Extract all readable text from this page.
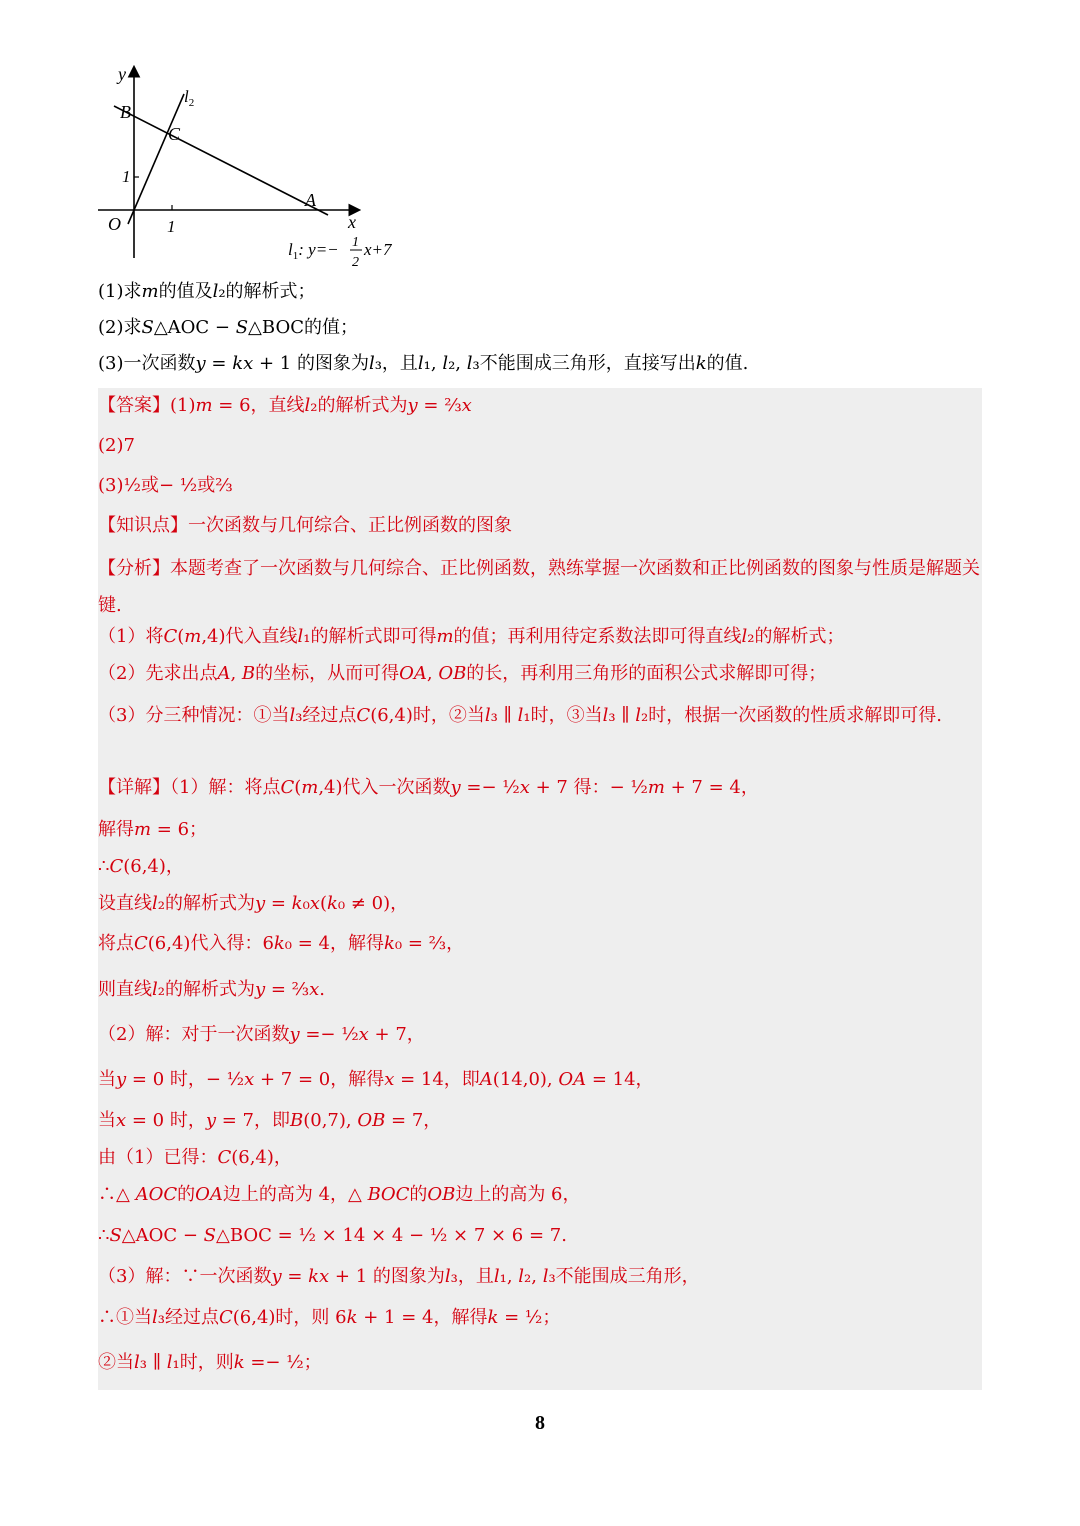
y
x
O
B
C
A
1
1
$l_2$
$l_1$: y=− 1
2
x+7
(1)求𝑚的值及𝑙₂的解析式；
(2)求𝑆△AOC − 𝑆△BOC的值；
(3)一次函数𝑦 = 𝑘𝑥 + 1 的图象为𝑙₃，且𝑙₁, 𝑙₂, 𝑙₃不能围成三角形，直接写出𝑘的值.
【答案】(1)𝑚 = 6，直线𝑙₂的解析式为𝑦 = ⅔𝑥
(2)7
(3)½或− ½或⅔
【知识点】一次函数与几何综合、正比例函数的图象
【分析】本题考查了一次函数与几何综合、正比例函数，熟练掌握一次函数和正比例函数的图象与性质是解题关键.
（1）将𝐶(𝑚,4)代入直线𝑙₁的解析式即可得𝑚的值；再利用待定系数法即可得直线𝑙₂的解析式；
（2）先求出点𝐴, 𝐵的坐标，从而可得𝑂𝐴, 𝑂𝐵的长，再利用三角形的面积公式求解即可得；
（3）分三种情况：①当𝑙₃经过点𝐶(6,4)时，②当𝑙₃ ∥ 𝑙₁时，③当𝑙₃ ∥ 𝑙₂时，根据一次函数的性质求解即可得.
【详解】（1）解：将点𝐶(𝑚,4)代入一次函数𝑦 =− ½𝑥 + 7 得：− ½𝑚 + 7 = 4，
解得𝑚 = 6；
∴𝐶(6,4)，
设直线𝑙₂的解析式为𝑦 = 𝑘₀𝑥(𝑘₀ ≠ 0)，
将点𝐶(6,4)代入得：6𝑘₀ = 4，解得𝑘₀ = ⅔，
则直线𝑙₂的解析式为𝑦 = ⅔𝑥.
（2）解：对于一次函数𝑦 =− ½𝑥 + 7，
当𝑦 = 0 时，− ½𝑥 + 7 = 0，解得𝑥 = 14，即𝐴(14,0), 𝑂𝐴 = 14，
当𝑥 = 0 时，𝑦 = 7，即𝐵(0,7), 𝑂𝐵 = 7，
由（1）已得：𝐶(6,4)，
∴△ 𝐴𝑂𝐶的𝑂𝐴边上的高为 4，△ 𝐵𝑂𝐶的𝑂𝐵边上的高为 6，
∴𝑆△AOC − 𝑆△BOC = ½ × 14 × 4 − ½ × 7 × 6 = 7.
（3）解：∵一次函数𝑦 = 𝑘𝑥 + 1 的图象为𝑙₃，且𝑙₁, 𝑙₂, 𝑙₃不能围成三角形，
∴①当𝑙₃经过点𝐶(6,4)时，则 6𝑘 + 1 = 4，解得𝑘 = ½；
②当𝑙₃ ∥ 𝑙₁时，则𝑘 =− ½；
8
